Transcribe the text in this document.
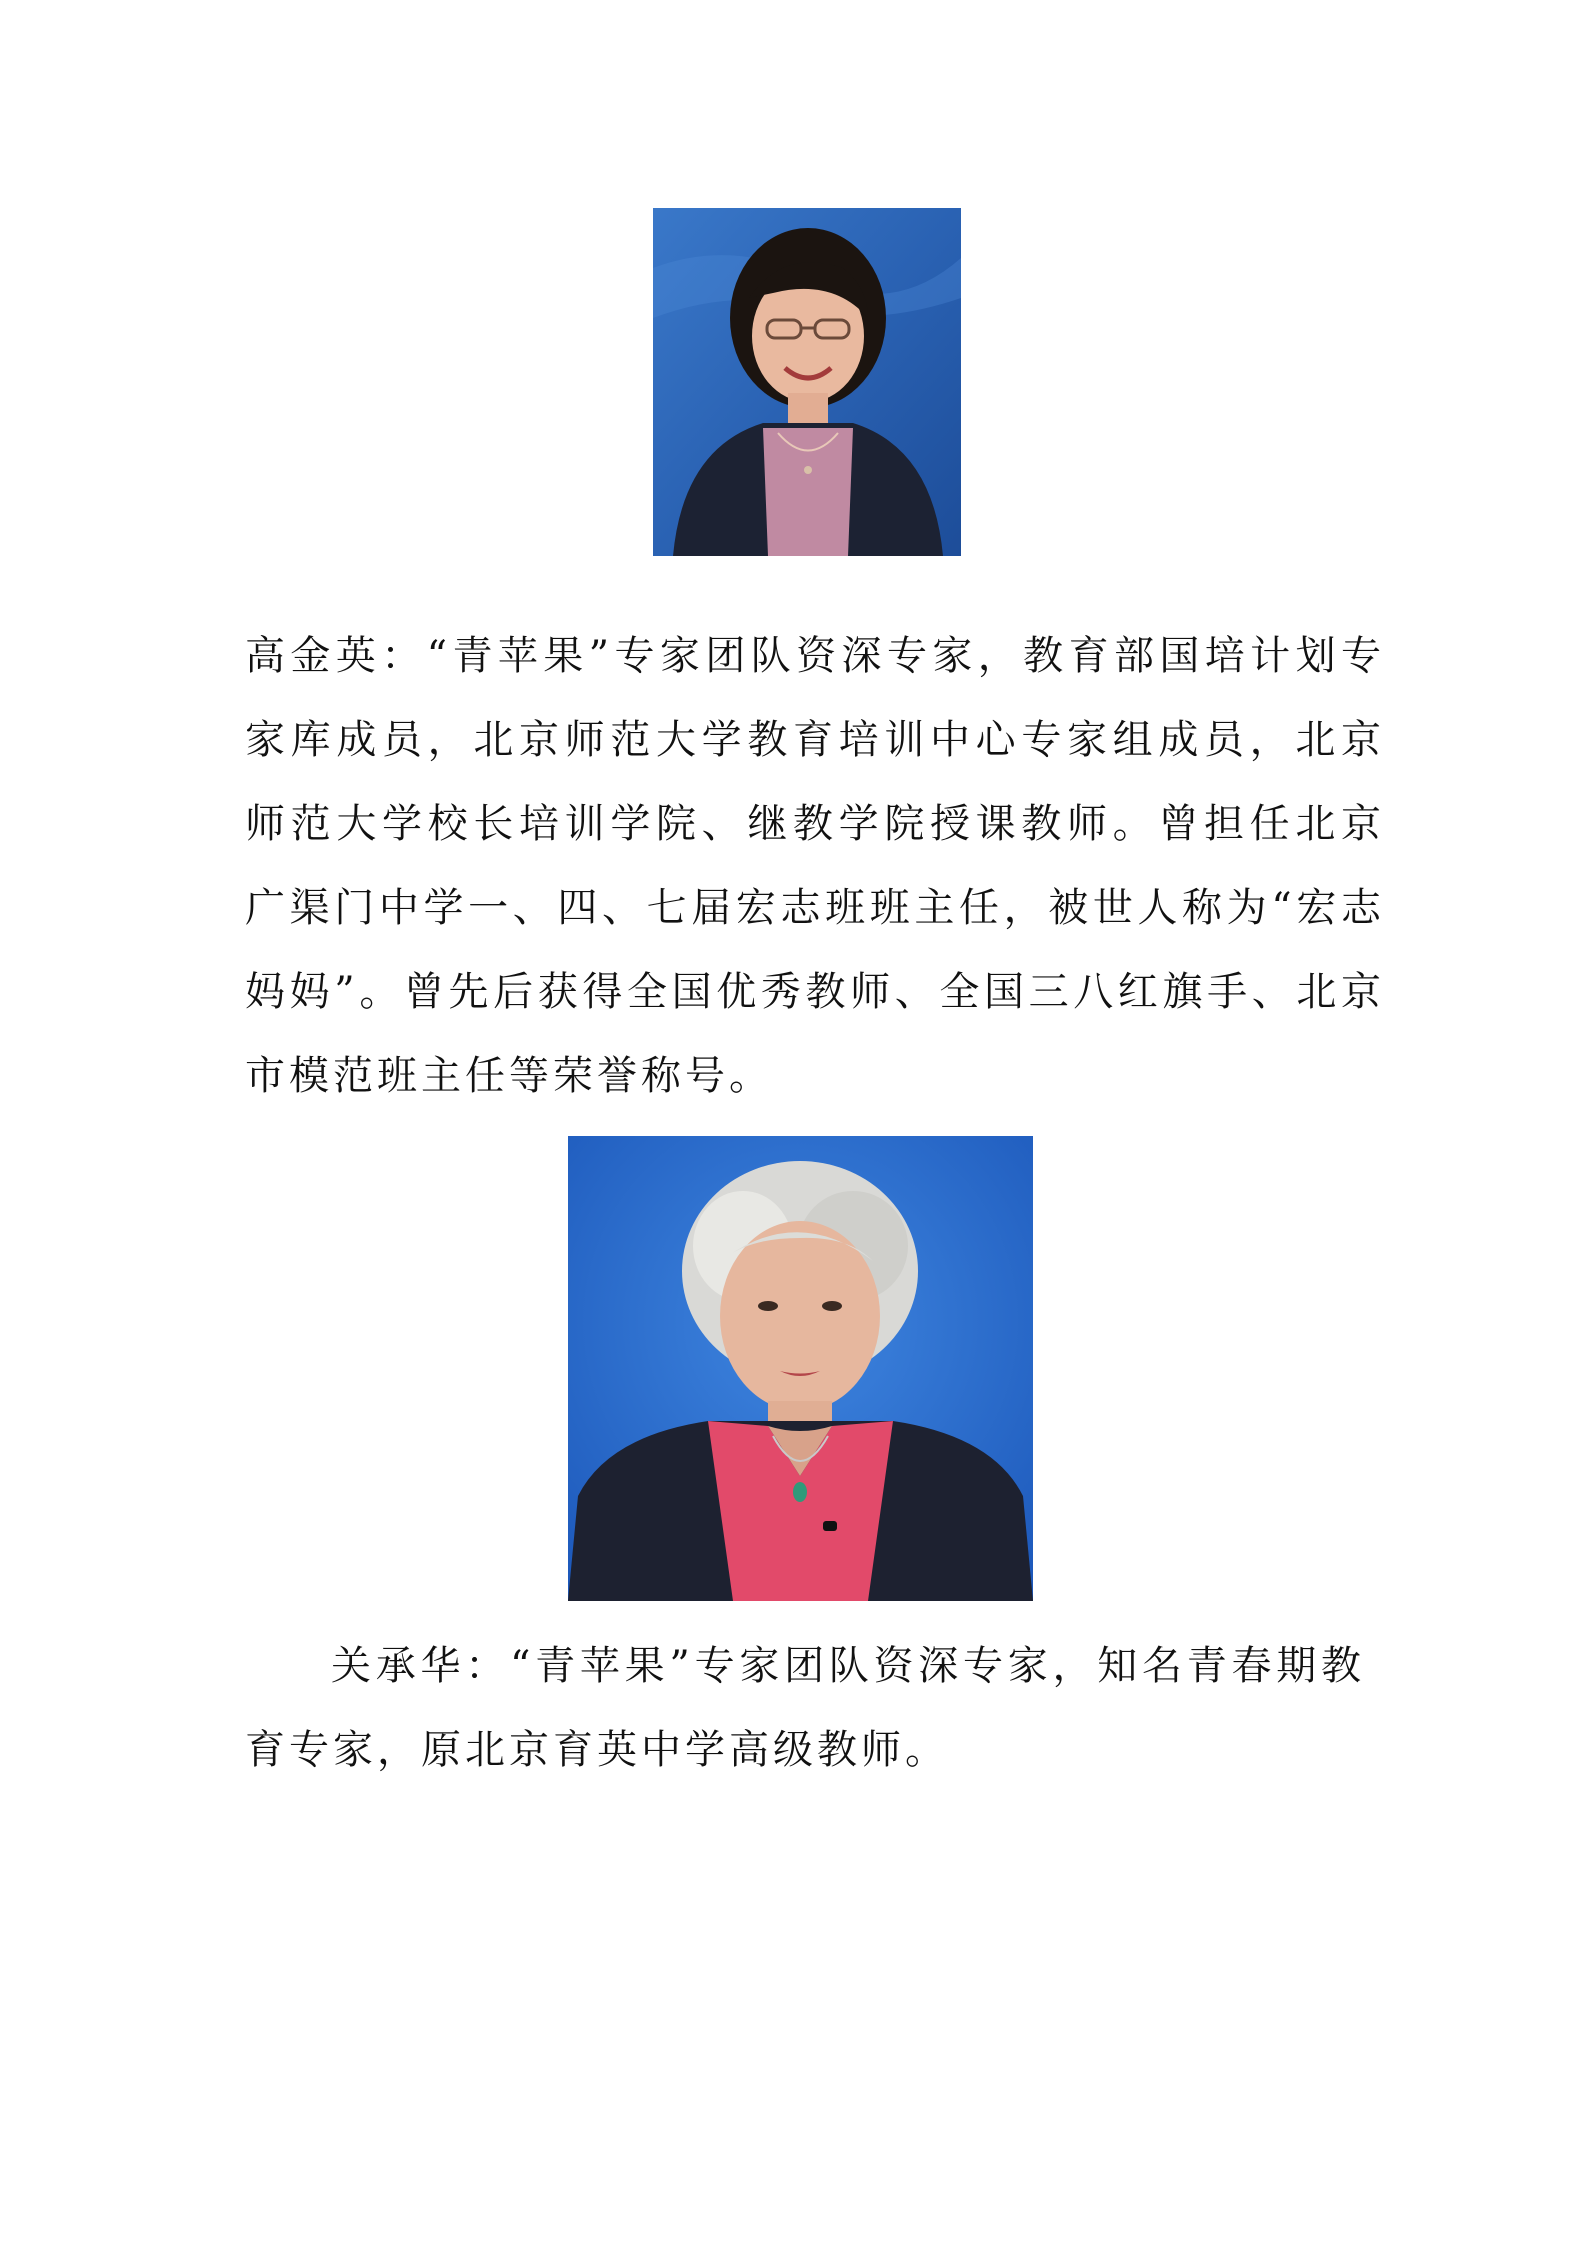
高金英：“青苹果”专家团队资深专家，教育部国培计划专家库成员，北京师范大学教育培训中心专家组成员，北京师范大学校长培训学院、继教学院授课教师。曾担任北京广渠门中学一、四、七届宏志班班主任，被世人称为“宏志妈妈”。曾先后获得全国优秀教师、全国三八红旗手、北京市模范班主任等荣誉称号。

关承华：“青苹果”专家团队资深专家，知名青春期教育专家，原北京育英中学高级教师。
